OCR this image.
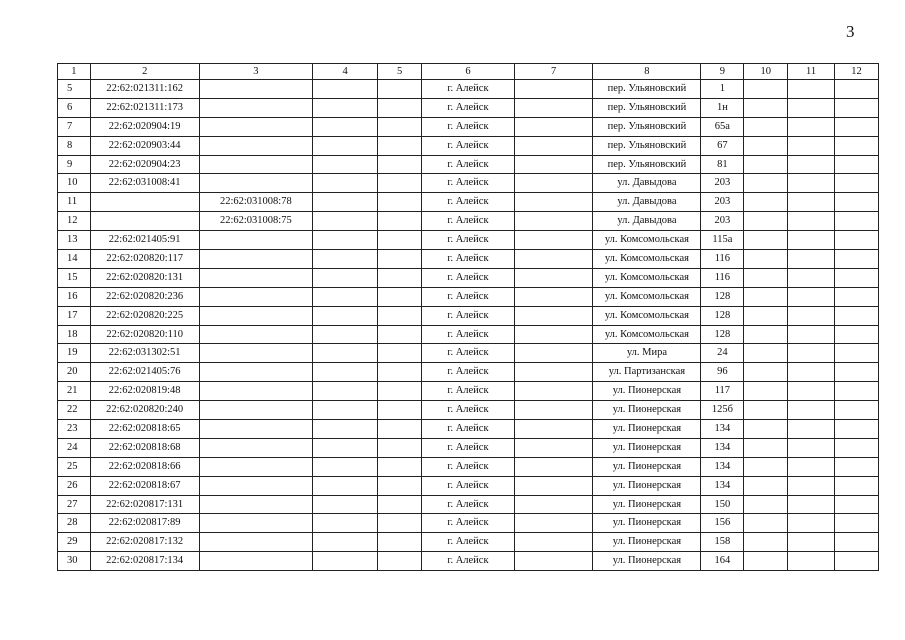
3
1	2	3	4	5	6	7	8	9	10	11	12
5	22:62:021311:162				г. Алейск		пер. Ульяновский	1			
6	22:62:021311:173				г. Алейск		пер. Ульяновский	1н			
7	22:62:020904:19				г. Алейск		пер. Ульяновский	65а			
8	22:62:020903:44				г. Алейск		пер. Ульяновский	67			
9	22:62:020904:23				г. Алейск		пер. Ульяновский	81			
10	22:62:031008:41				г. Алейск		ул. Давыдова	203			
11		22:62:031008:78			г. Алейск		ул. Давыдова	203			
12		22:62:031008:75			г. Алейск		ул. Давыдова	203			
13	22:62:021405:91				г. Алейск		ул. Комсомольская	115а			
14	22:62:020820:117				г. Алейск		ул. Комсомольская	116			
15	22:62:020820:131				г. Алейск		ул. Комсомольская	116			
16	22:62:020820:236				г. Алейск		ул. Комсомольская	128			
17	22:62:020820:225				г. Алейск		ул. Комсомольская	128			
18	22:62:020820:110				г. Алейск		ул. Комсомольская	128			
19	22:62:031302:51				г. Алейск		ул. Мира	24			
20	22:62:021405:76				г. Алейск		ул. Партизанская	96			
21	22:62:020819:48				г. Алейск		ул. Пионерская	117			
22	22:62:020820:240				г. Алейск		ул. Пионерская	125б			
23	22:62:020818:65				г. Алейск		ул. Пионерская	134			
24	22:62:020818:68				г. Алейск		ул. Пионерская	134			
25	22:62:020818:66				г. Алейск		ул. Пионерская	134			
26	22:62:020818:67				г. Алейск		ул. Пионерская	134			
27	22:62:020817:131				г. Алейск		ул. Пионерская	150			
28	22:62:020817:89				г. Алейск		ул. Пионерская	156			
29	22:62:020817:132				г. Алейск		ул. Пионерская	158			
30	22:62:020817:134				г. Алейск		ул. Пионерская	164			
